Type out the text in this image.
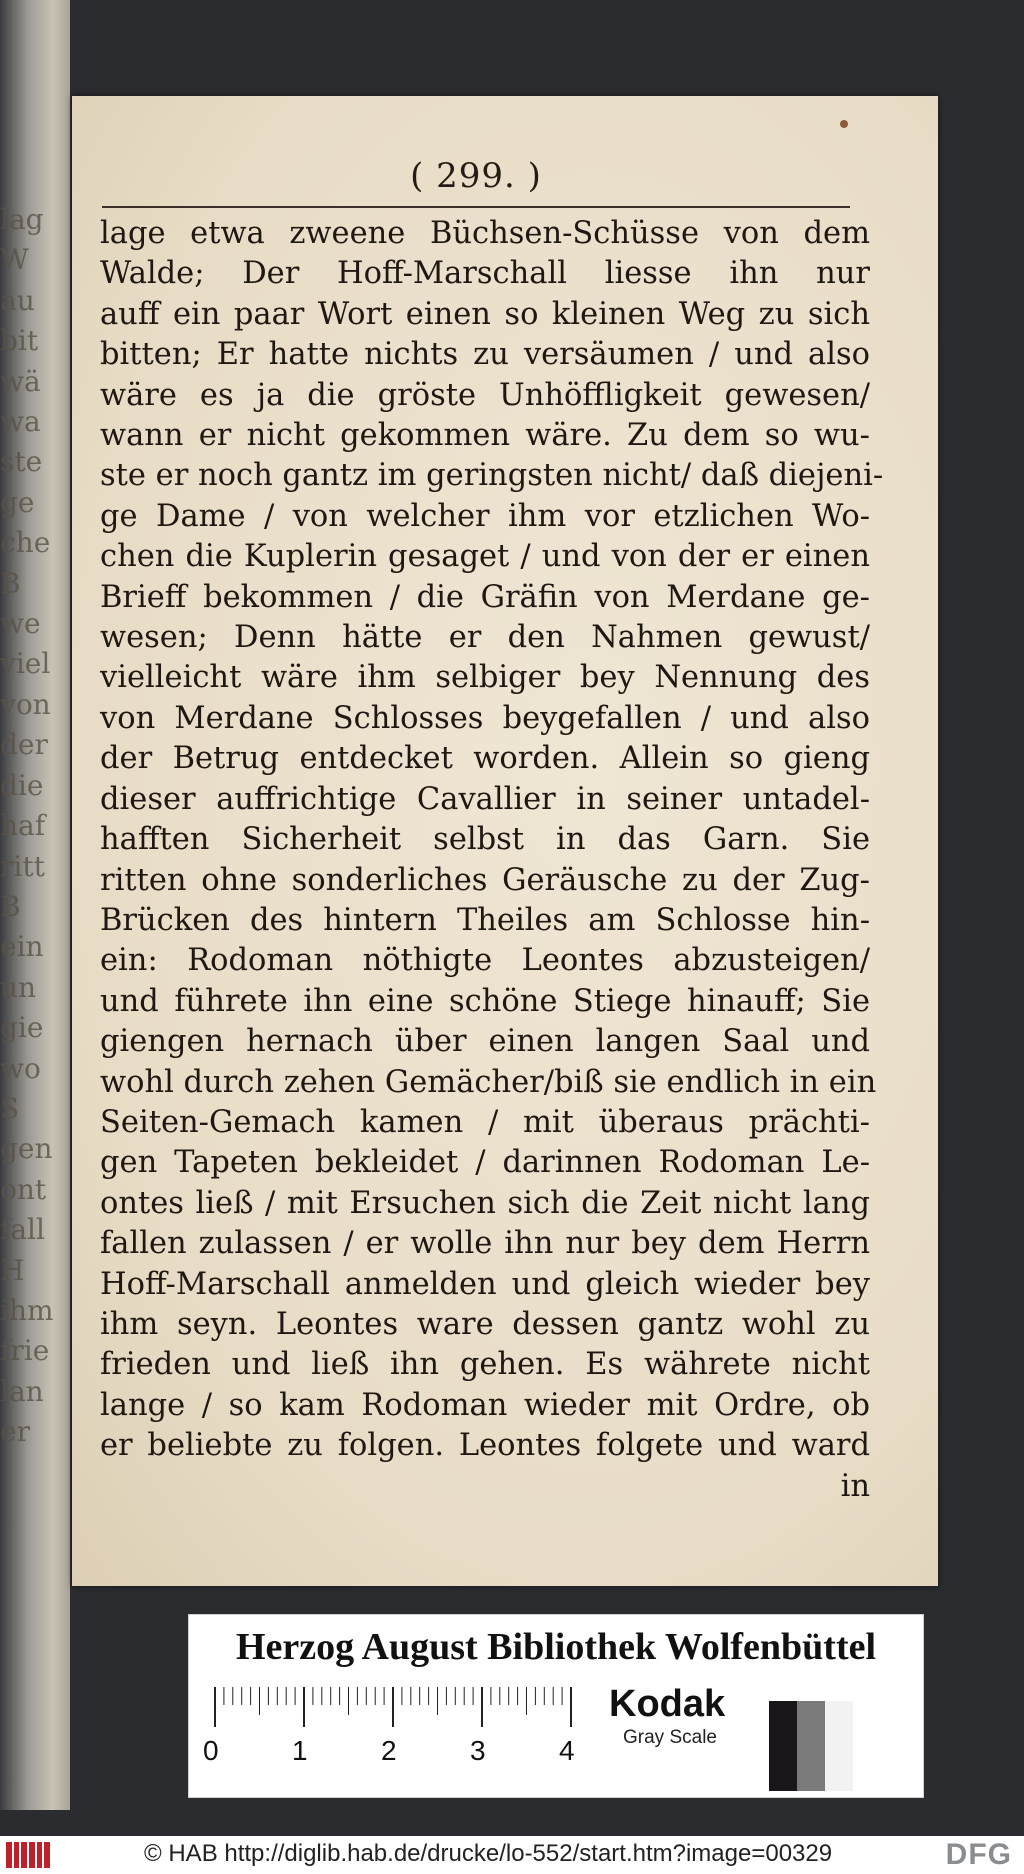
lag
W
au
bit
wä
wa
ste
ge
che
B
we
viel
von
der
die
haf
ritt
B
ein
un
gie
wo
S
gen
ont
fall
H
ihm
frie
lan
er
( 299. )
lage etwa zweene Büchsen-Schüsse von dem
Walde; Der Hoff-Marschall liesse ihn nur
auff ein paar Wort einen so kleinen Weg zu sich
bitten; Er hatte nichts zu versäumen / und also
wäre es ja die gröste Unhöffligkeit gewesen/
wann er nicht gekommen wäre. Zu dem so wu-
ste er noch gantz im geringsten nicht/ daß diejeni-
ge Dame / von welcher ihm vor etzlichen Wo-
chen die Kuplerin gesaget / und von der er einen
Brieff bekommen / die Gräfin von Merdane ge-
wesen; Denn hätte er den Nahmen gewust/
vielleicht wäre ihm selbiger bey Nennung des
von Merdane Schlosses beygefallen / und also
der Betrug entdecket worden. Allein so gieng
dieser auffrichtige Cavallier in seiner untadel-
hafften Sicherheit selbst in das Garn. Sie
ritten ohne sonderliches Geräusche zu der Zug-
Brücken des hintern Theiles am Schlosse hin-
ein: Rodoman nöthigte Leontes abzusteigen/
und führete ihn eine schöne Stiege hinauff; Sie
giengen hernach über einen langen Saal und
wohl durch zehen Gemächer/biß sie endlich in ein
Seiten-Gemach kamen / mit überaus prächti-
gen Tapeten bekleidet / darinnen Rodoman Le-
ontes ließ / mit Ersuchen sich die Zeit nicht lang
fallen zulassen / er wolle ihn nur bey dem Herrn
Hoff-Marschall anmelden und gleich wieder bey
ihm seyn. Leontes ware dessen gantz wohl zu
frieden und ließ ihn gehen. Es währete nicht
lange / so kam Rodoman wieder mit Ordre, ob
er beliebte zu folgen. Leontes folgete und ward
in
Herzog August Bibliothek Wolfenbüttel
0	1	2	3	4
Kodak
Gray Scale
© HAB http://diglib.hab.de/drucke/lo-552/start.htm?image=00329	DFG
